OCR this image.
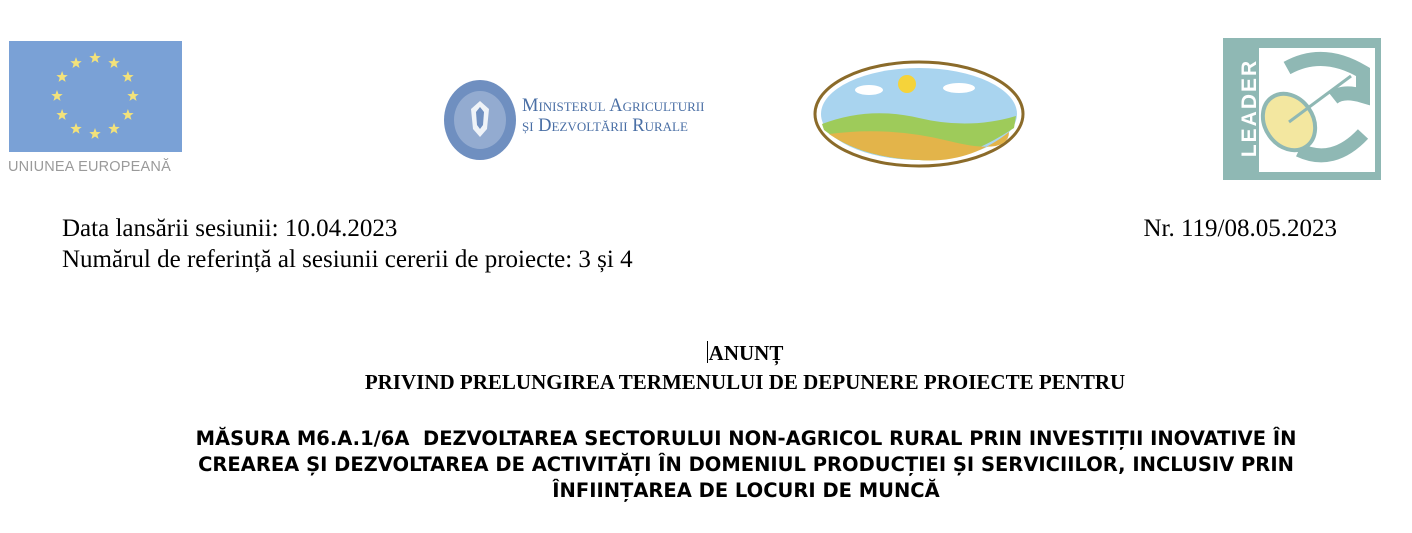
UNIUNEA EUROPEANĂ
Ministerul Agriculturii
și Dezvoltării Rurale	LEADER
Data lansării sesiunii: 10.04.2023
Numărul de referință al sesiunii cererii de proiecte: 3 și 4
Nr. 119/08.05.2023
ANUNȚ
PRIVIND PRELUNGIREA TERMENULUI DE DEPUNERE PROIECTE PENTRU
MĂSURA M6.A.1/6A  DEZVOLTAREA SECTORULUI NON-AGRICOL RURAL PRIN INVESTIȚII INOVATIVE ÎN
CREAREA ȘI DEZVOLTAREA DE ACTIVITĂȚI ÎN DOMENIUL PRODUCȚIEI ȘI SERVICIILOR, INCLUSIV PRIN
ÎNFIINȚAREA DE LOCURI DE MUNCĂ
